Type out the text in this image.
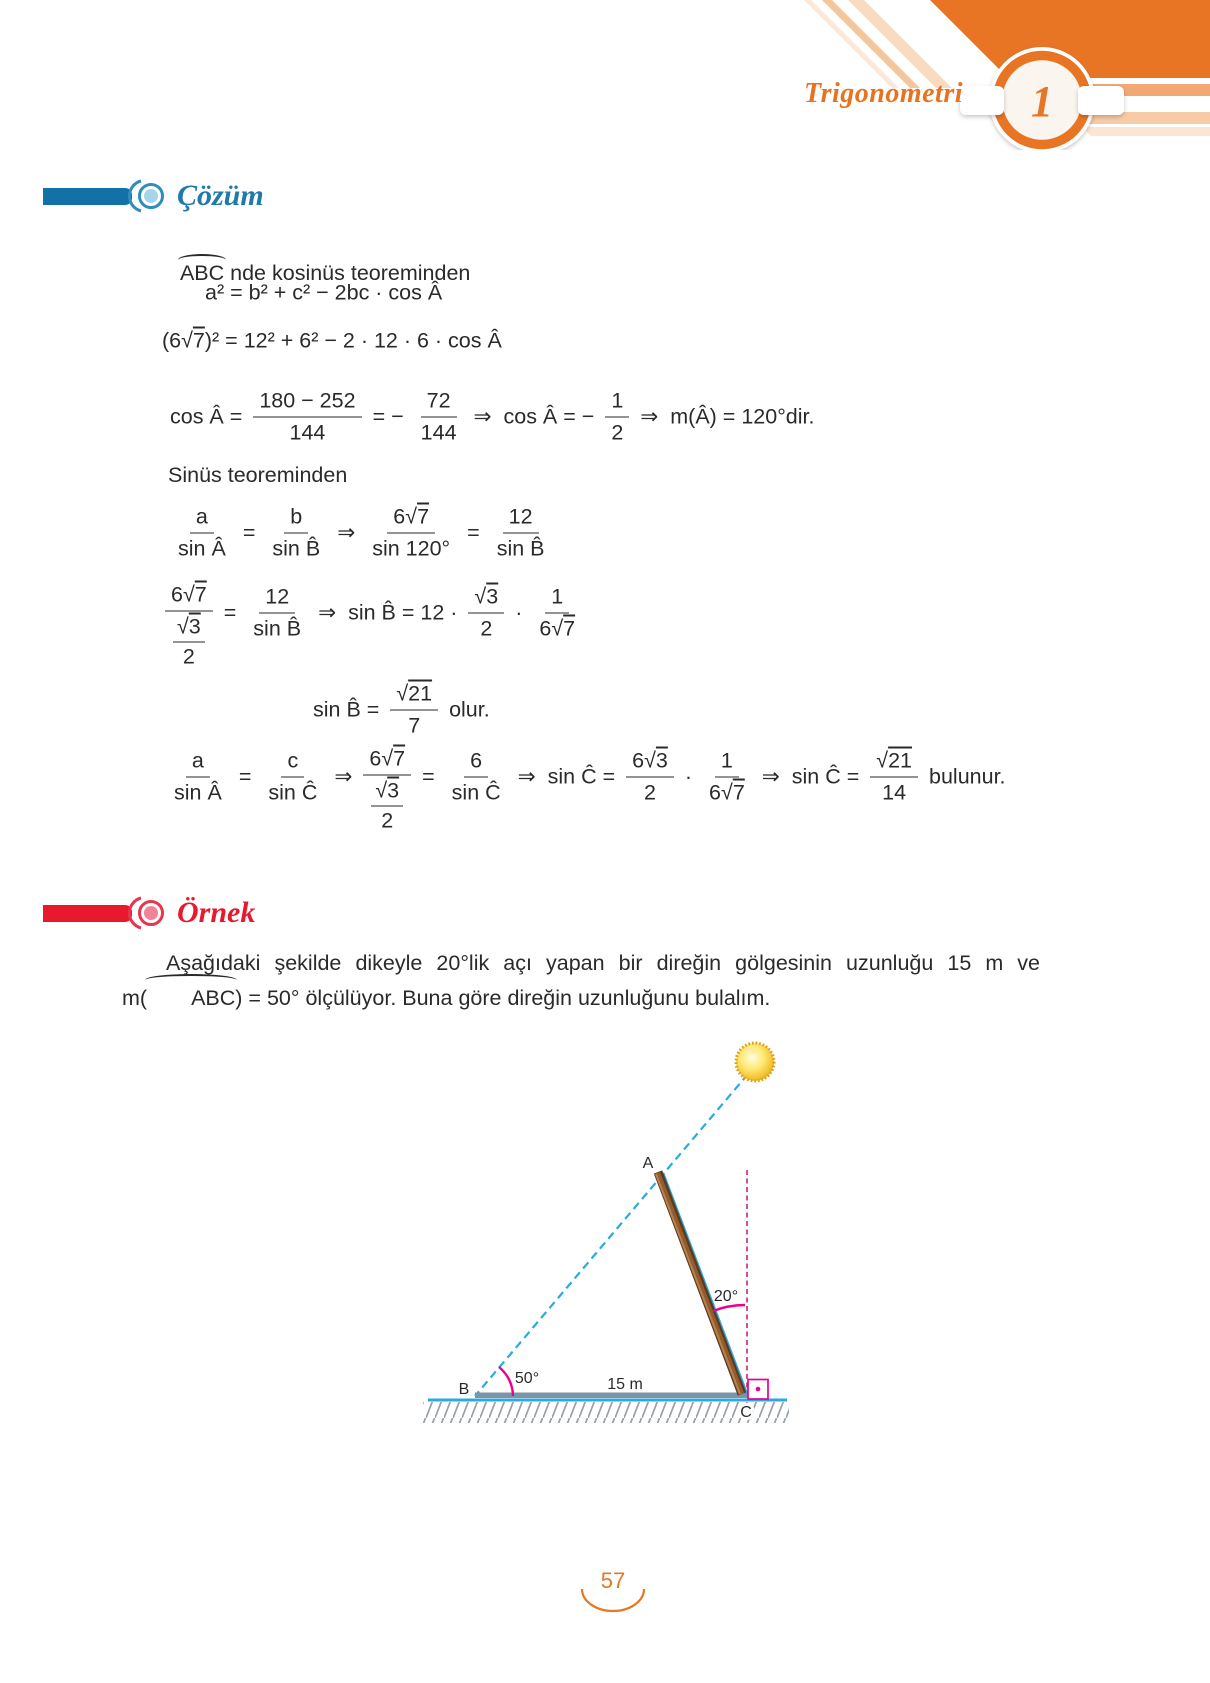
1
Trigonometri
Çözüm

ABC nde kosinüs teoreminden

a² = b² + c² − 2bc · cos Â
(6√7)² = 12² + 6² − 2 · 12 · 6 · cos Â
cos Â = $\frac{180 - 252}{144}$ = − $\frac{72}{144}$ ⇒  cos Â = − $\frac{1}{2}$ ⇒  m(Â) = 120°dir.
Sinüs teoreminden
$\frac{a}{\text{sin Â}} = \frac{b}{\text{sin B̂}}$ ⇒ $\frac{6√7}{\sin 120^\circ} = \frac{12}{\text{sin B̂}}$
$\frac{6√7}{\frac{√3}{2}} = \frac{12}{\text{sin B̂}}$ ⇒  sin B̂ = $12 \cdot \frac{√3}{2} \cdot \frac{1}{6√7}$
sin B̂ = $\frac{√21}{7}$ olur.
$\frac{a}{\text{sin Â}} = \frac{c}{\text{sin Ĉ}}$ ⇒ $\frac{6√7}{\frac{√3}{2}} = \frac{6}{\text{sin Ĉ}}$ ⇒  sin Ĉ = $\frac{6√3}{2} \cdot \frac{1}{6√7}$ ⇒  sin Ĉ = $\frac{√21}{14}$ bulunur.
Örnek

Aşağıdaki şekilde dikeyle 20°lik açı yapan bir direğin gölgesinin uzunluğu 15 m ve m( ABC) = 50° ölçülüyor. Buna göre direğin uzunluğunu bulalım.

A
B
C
20°
50°	15 m
57
